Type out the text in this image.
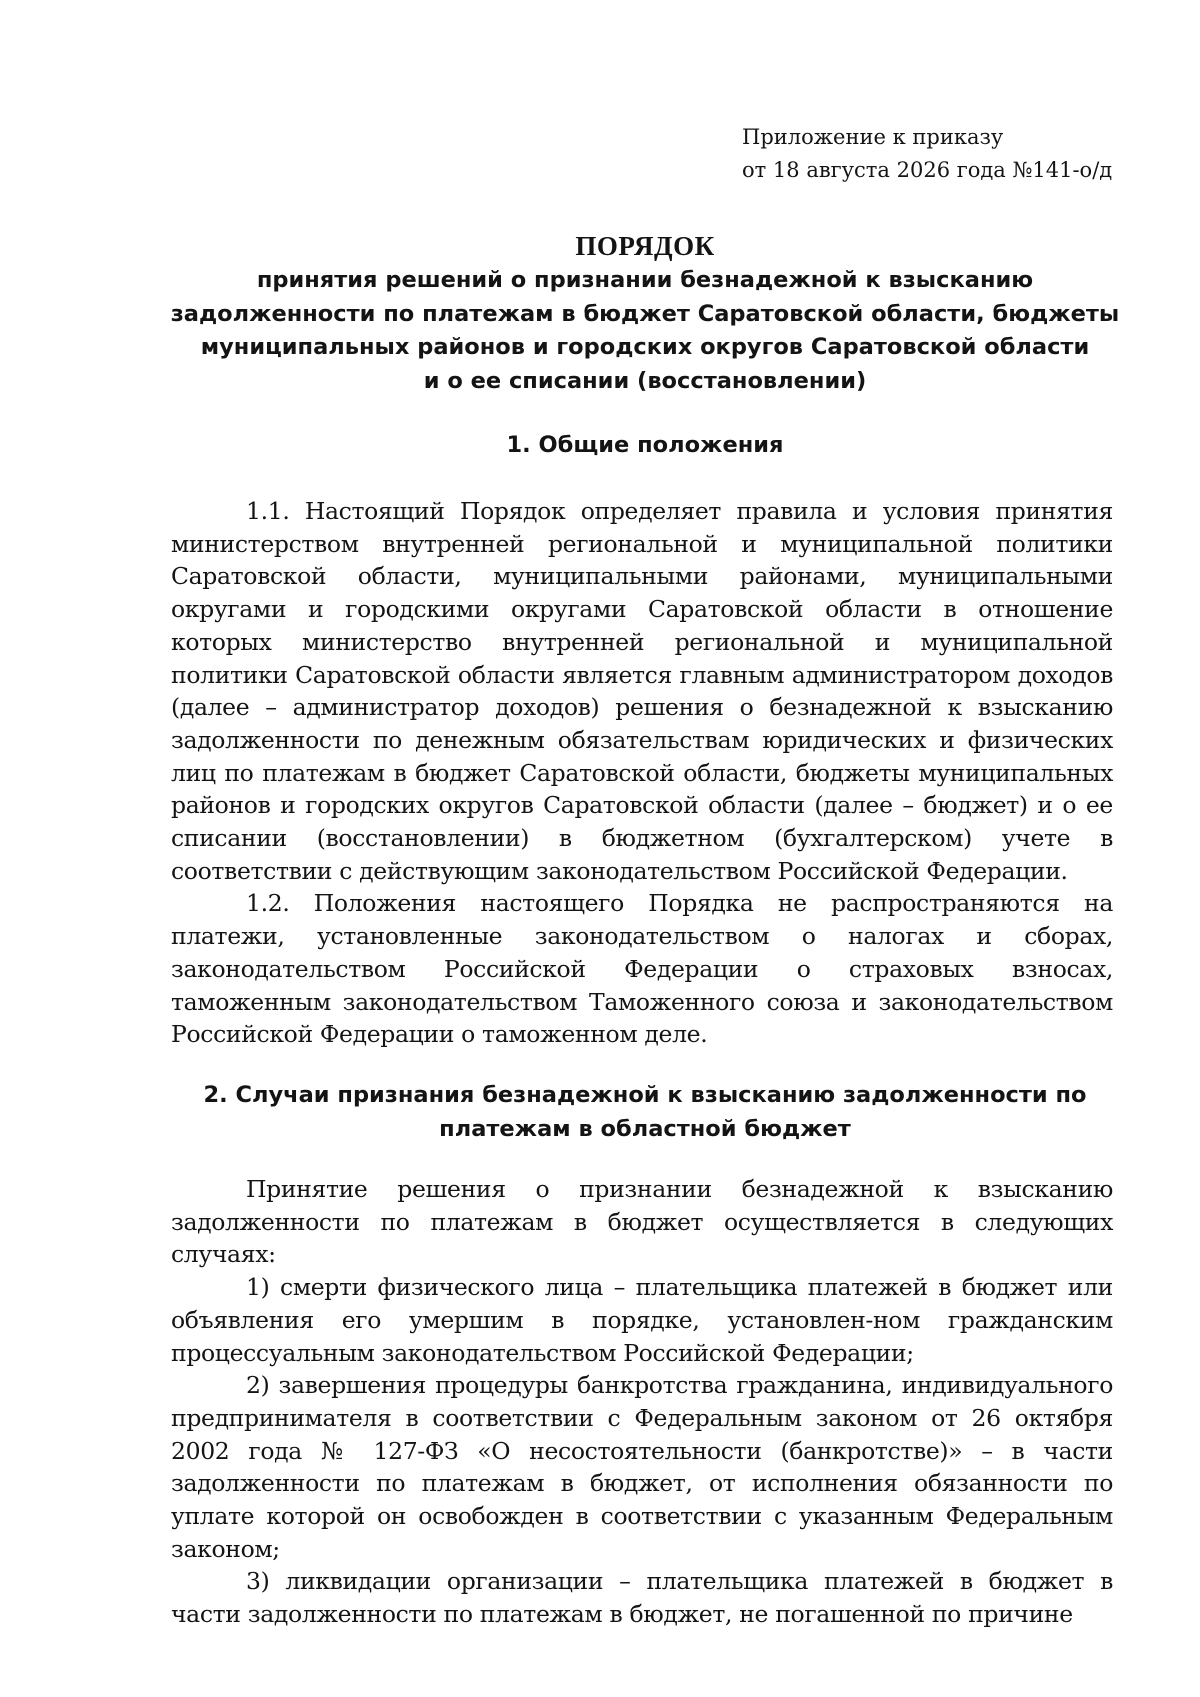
Приложение к приказу
от 18 августа 2026 года №141-о/д
ПОРЯДОК
принятия решений о признании безнадежной к взысканию
задолженности по платежам в бюджет Саратовской области, бюджеты
муниципальных районов и городских округов Саратовской области
и о ее списании (восстановлении)
1. Общие положения

1.1. Настоящий Порядок определяет правила и условия принятия министерством внутренней региональной и муниципальной политики Саратовской области, муниципальными районами, муниципальными округами и городскими округами Саратовской области в отношение которых министерство внутренней региональной и муниципальной политики Саратовской области является главным администратором доходов (далее – администратор доходов) решения о безнадежной к взысканию задолженности по денежным обязательствам юридических и физических лиц по платежам в бюджет Саратовской области, бюджеты муниципальных районов и городских округов Саратовской области (далее – бюджет) и о ее списании (восстановлении) в бюджетном (бухгалтерском) учете в соответствии с действующим законодательством Российской Федерации.

1.2. Положения настоящего Порядка не распространяются на платежи, установленные законодательством о налогах и сборах, законодательством Российской Федерации о страховых взносах, таможенным законодательством Таможенного союза и законодательством Российской Федерации о таможенном деле.

2. Случаи признания безнадежной к взысканию задолженности по
платежам в областной бюджет

Принятие решения о признании безнадежной к взысканию задолженности по платежам в бюджет осуществляется в следующих случаях:

1) смерти физического лица – плательщика платежей в бюджет или объявления его умершим в порядке, установлен-ном гражданским процессуальным законодательством Российской Федерации;

2) завершения процедуры банкротства гражданина, индивидуального предпринимателя в соответствии с Федеральным законом от 26 октября 2002 года № 127-ФЗ «О несостоятельности (банкротстве)» – в части задолженности по платежам в бюджет, от исполнения обязанности по уплате которой он освобожден в соответствии с указанным Федеральным законом;

3) ликвидации организации – плательщика платежей в бюджет в части задолженности по платежам в бюджет, не погашенной по причине
